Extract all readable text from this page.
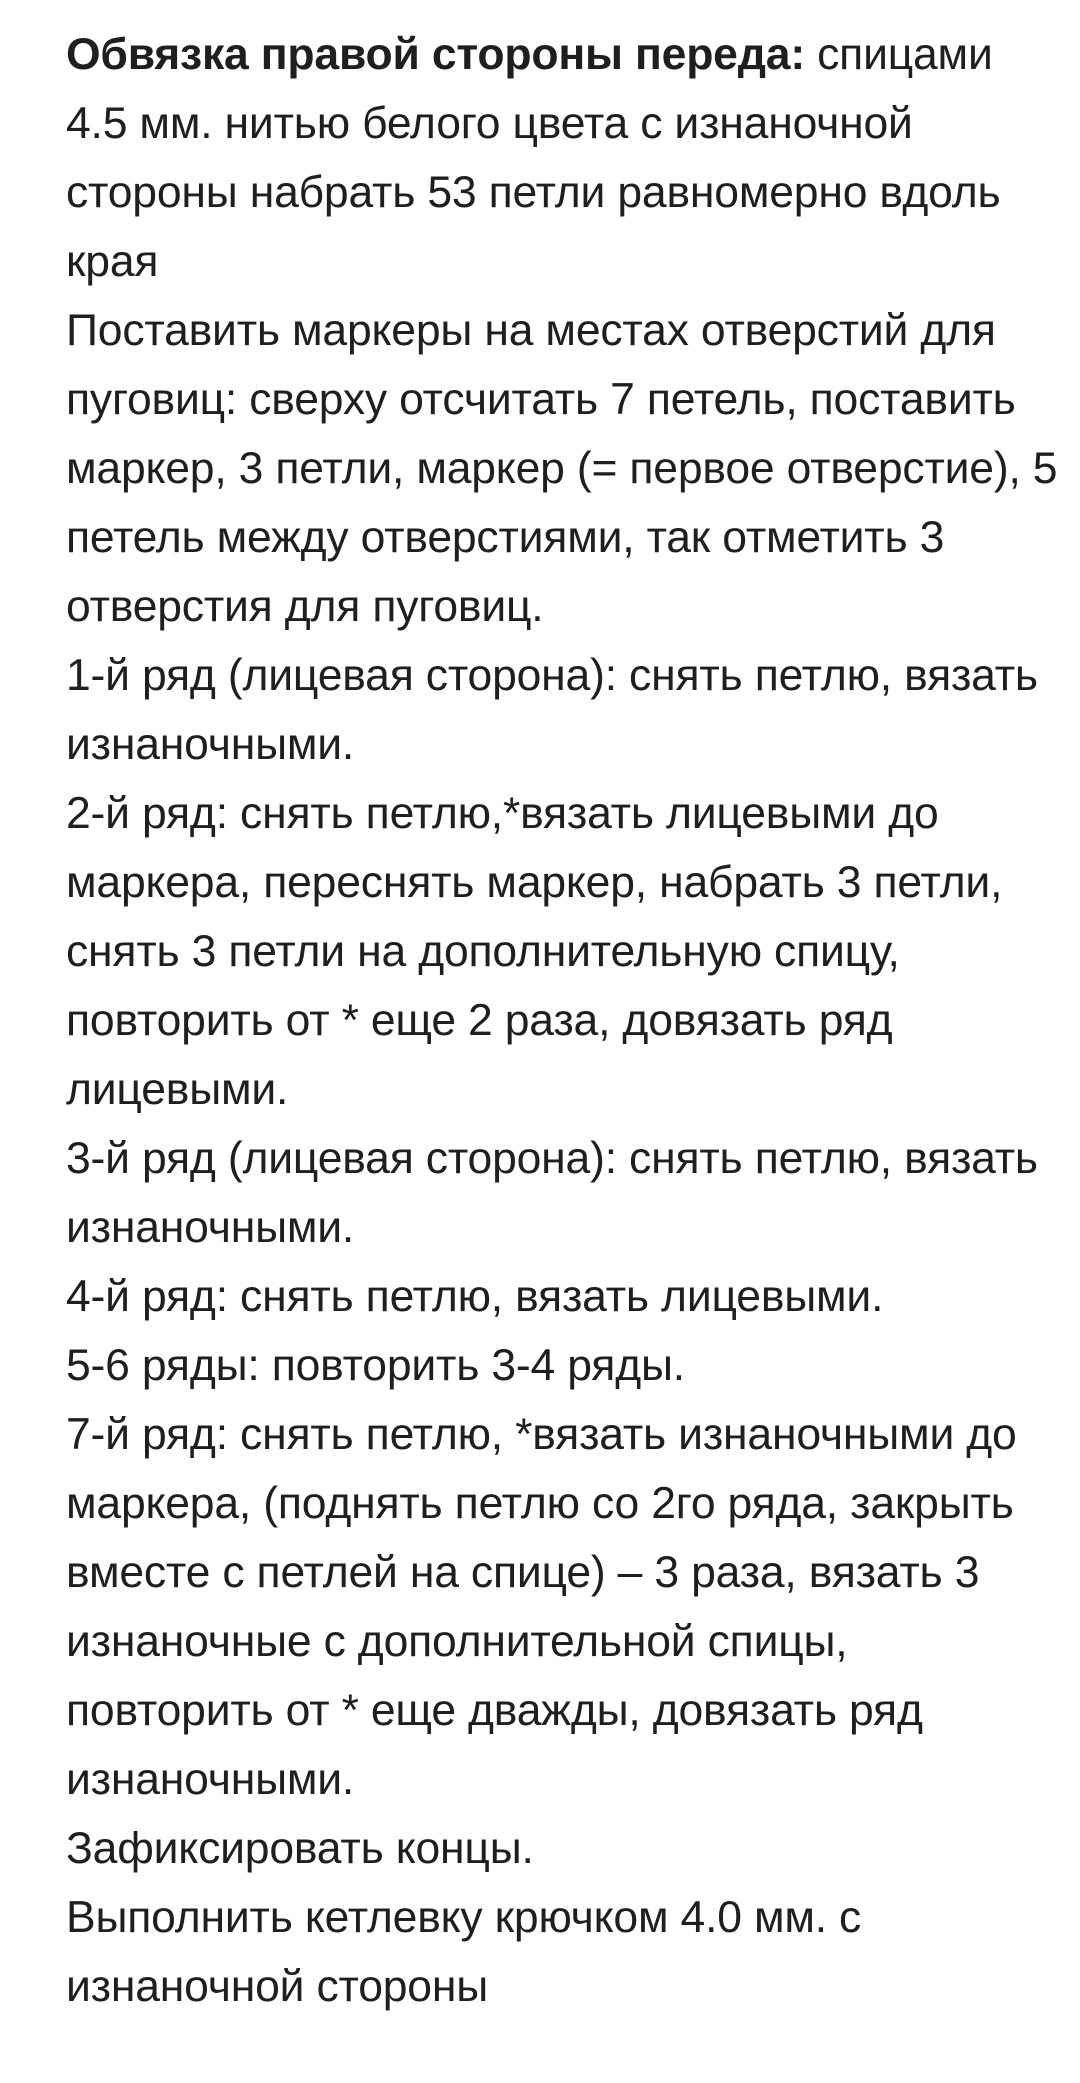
Обвязка правой стороны переда: спицами 4.5 мм. нитью белого цвета с изнаночной стороны набрать 53 петли равномерно вдоль края

Поставить маркеры на местах отверстий для пуговиц: сверху отсчитать 7 петель, поставить маркер, 3 петли, маркер (= первое отверстие), 5 петель между отверстиями, так отметить 3 отверстия для пуговиц.

1-й ряд (лицевая сторона): снять петлю, вязать изнаночными.

2-й ряд: снять петлю,*вязать лицевыми до маркера, переснять маркер, набрать 3 петли, снять 3 петли на дополнительную спицу, повторить от * еще 2 раза, довязать ряд лицевыми.

3-й ряд (лицевая сторона): снять петлю, вязать изнаночными.

4-й ряд: снять петлю, вязать лицевыми.

5-6 ряды: повторить 3-4 ряды.

7-й ряд: снять петлю, *вязать изнаночными до маркера, (поднять петлю со 2го ряда, закрыть вместе с петлей на спице) – 3 раза, вязать 3 изнаночные с дополнительной спицы, повторить от * еще дважды, довязать ряд изнаночными.

Зафиксировать концы.

Выполнить кетлевку крючком 4.0 мм. с изнаночной стороны
